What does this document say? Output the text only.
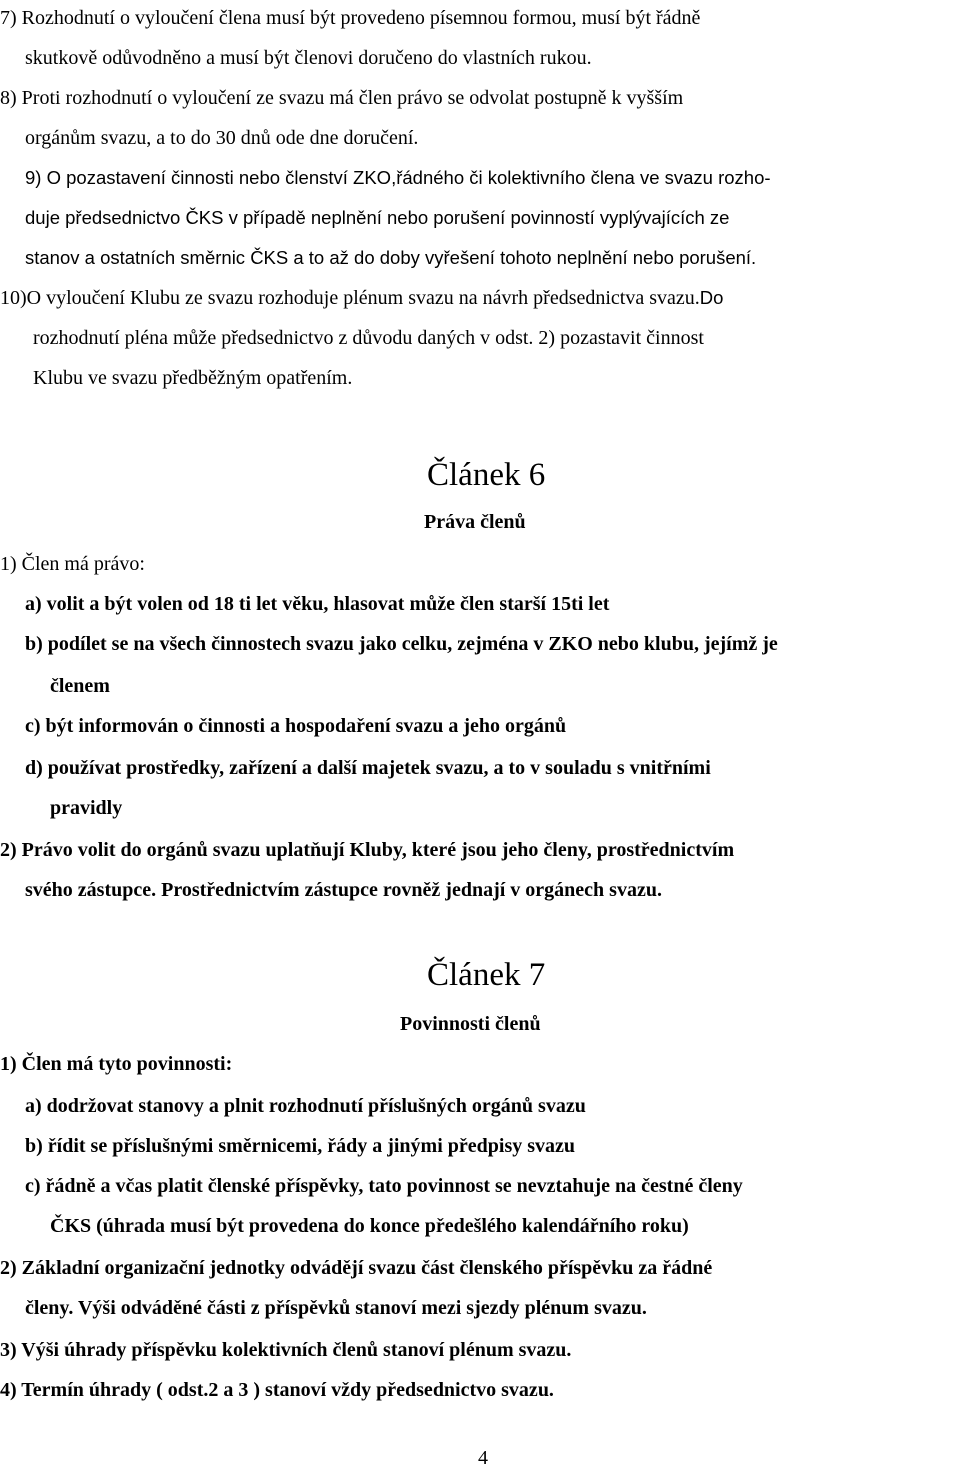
7) Rozhodnutí o vyloučení člena musí být provedeno písemnou formou, musí být řádně
skutkově odůvodněno a musí být členovi doručeno do vlastních rukou.
8) Proti rozhodnutí o vyloučení ze svazu má člen právo se odvolat postupně k vyšším
orgánům svazu, a to do 30 dnů ode dne doručení.
9) O pozastavení činnosti nebo členství ZKO,řádného či kolektivního člena ve svazu rozho-
duje předsednictvo ČKS v případě neplnění nebo porušení povinností vyplývajících ze
stanov a ostatních směrnic ČKS a to až do doby vyřešení tohoto neplnění nebo porušení.
10)O vyloučení Klubu ze svazu rozhoduje plénum svazu na návrh předsednictva svazu.Do
rozhodnutí pléna může předsednictvo z důvodu daných v odst. 2) pozastavit činnost
Klubu ve svazu předběžným opatřením.
Článek 6
Práva členů
1) Člen má právo:
a) volit a být volen od 18 ti let věku, hlasovat může člen starší 15ti let
b) podílet se na všech činnostech svazu jako celku, zejména v ZKO nebo klubu, jejímž je
členem
c) být informován o činnosti a hospodaření svazu a jeho orgánů
d) používat prostředky, zařízení a další majetek svazu, a to v souladu s vnitřními
pravidly
2) Právo volit do orgánů svazu uplatňují Kluby, které jsou jeho členy, prostřednictvím
svého zástupce. Prostřednictvím zástupce rovněž jednají v orgánech svazu.
Článek 7
Povinnosti členů
1) Člen má tyto povinnosti:
a) dodržovat stanovy a plnit rozhodnutí příslušných orgánů svazu
b) řídit se příslušnými směrnicemi, řády a jinými předpisy svazu
c) řádně a včas platit členské příspěvky, tato povinnost se nevztahuje na čestné členy
ČKS (úhrada musí být provedena do konce předešlého kalendářního roku)
2) Základní organizační jednotky odvádějí svazu část členského příspěvku za řádné
členy. Výši odváděné části z příspěvků stanoví mezi sjezdy plénum svazu.
3) Výši úhrady příspěvku kolektivních členů stanoví plénum svazu.
4) Termín úhrady ( odst.2 a 3 ) stanoví vždy předsednictvo svazu.
4
